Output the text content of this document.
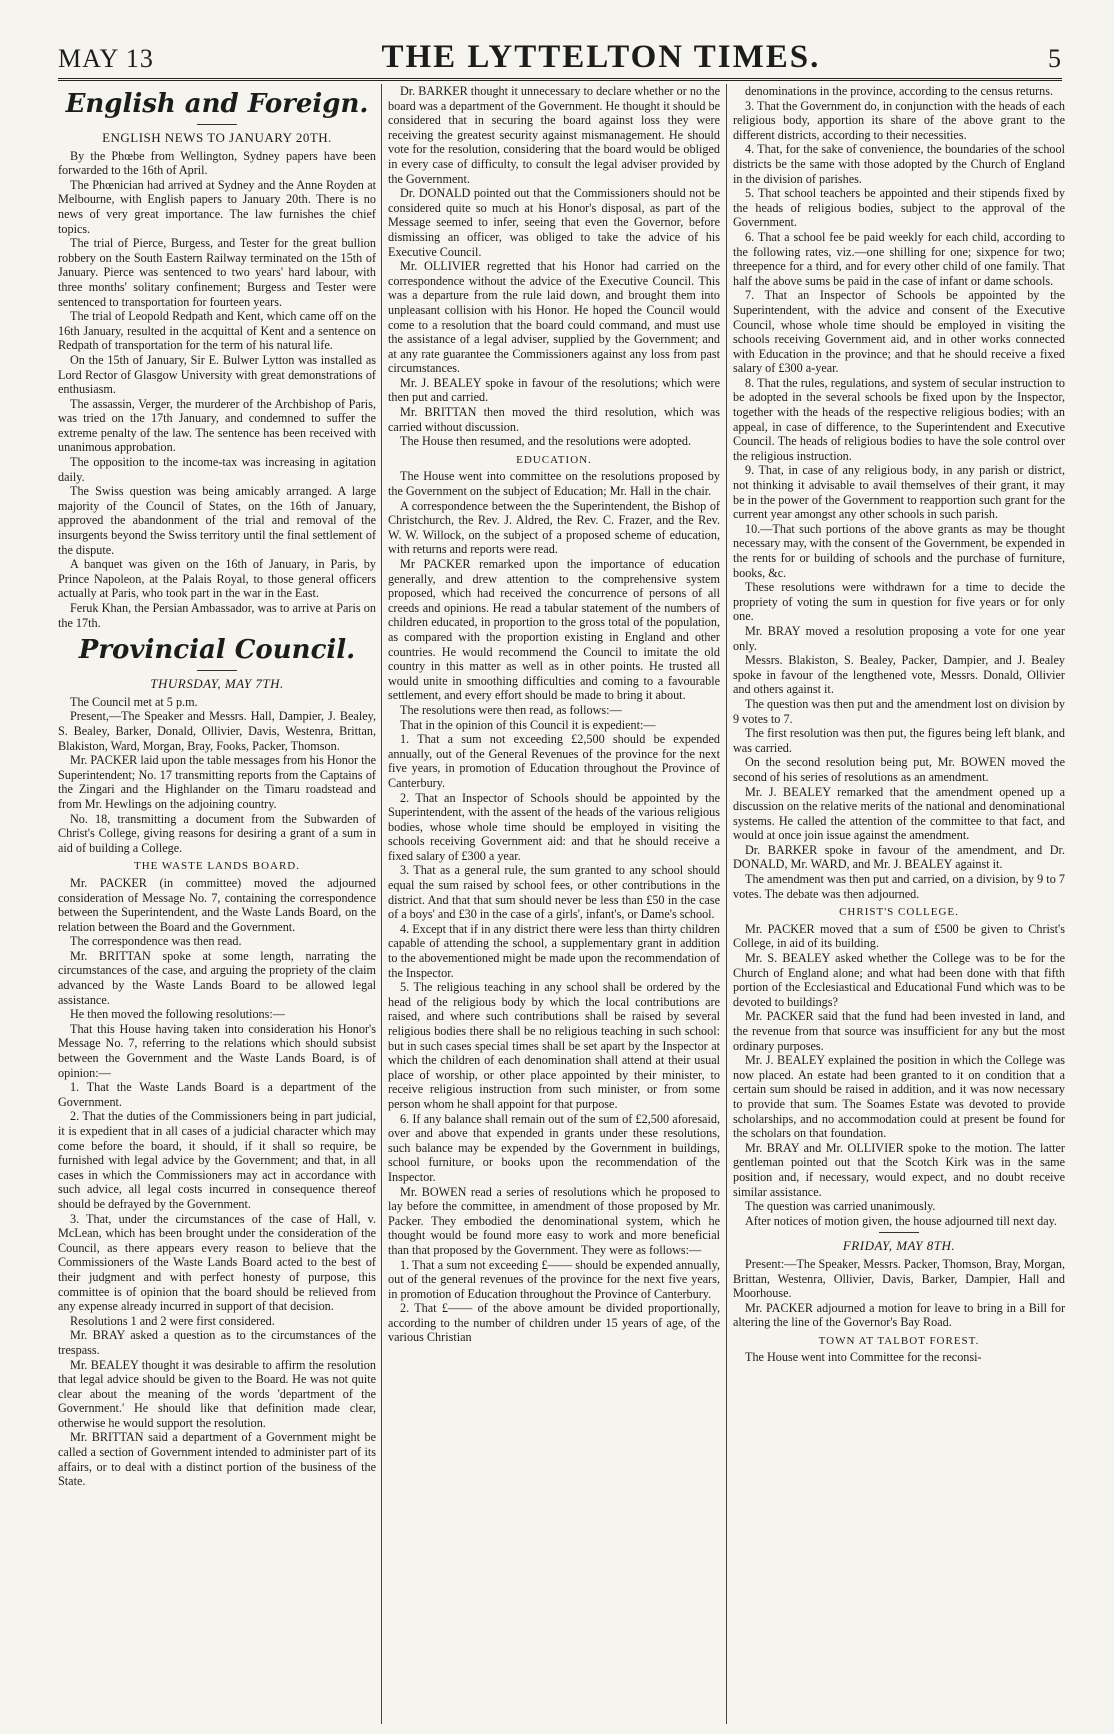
MAY 13	THE LYTTELTON TIMES.	5
English and Foreign.
ENGLISH NEWS TO JANUARY 20TH.

By the Phœbe from Wellington, Sydney papers have been forwarded to the 16th of April.

The Phœnician had arrived at Sydney and the Anne Royden at Melbourne, with English papers to January 20th. There is no news of very great importance. The law furnishes the chief topics.

The trial of Pierce, Burgess, and Tester for the great bullion robbery on the South Eastern Railway terminated on the 15th of January. Pierce was sentenced to two years' hard labour, with three months' solitary confinement; Burgess and Tester were sentenced to transportation for fourteen years.

The trial of Leopold Redpath and Kent, which came off on the 16th January, resulted in the acquittal of Kent and a sentence on Redpath of transportation for the term of his natural life.

On the 15th of January, Sir E. Bulwer Lytton was installed as Lord Rector of Glasgow University with great demonstrations of enthusiasm.

The assassin, Verger, the murderer of the Archbishop of Paris, was tried on the 17th January, and condemned to suffer the extreme penalty of the law. The sentence has been received with unanimous approbation.

The opposition to the income-tax was increasing in agitation daily.

The Swiss question was being amicably arranged. A large majority of the Council of States, on the 16th of January, approved the abandonment of the trial and removal of the insurgents beyond the Swiss territory until the final settlement of the dispute.

A banquet was given on the 16th of January, in Paris, by Prince Napoleon, at the Palais Royal, to those general officers actually at Paris, who took part in the war in the East.

Feruk Khan, the Persian Ambassador, was to arrive at Paris on the 17th.

Provincial Council.
THURSDAY, MAY 7TH.

The Council met at 5 p.m.

Present,—The Speaker and Messrs. Hall, Dampier, J. Bealey, S. Bealey, Barker, Donald, Ollivier, Davis, Westenra, Brittan, Blakiston, Ward, Morgan, Bray, Fooks, Packer, Thomson.

Mr. PACKER laid upon the table messages from his Honor the Superintendent; No. 17 transmitting reports from the Captains of the Zingari and the Highlander on the Timaru roadstead and from Mr. Hewlings on the adjoining country.

No. 18, transmitting a document from the Subwarden of Christ's College, giving reasons for desiring a grant of a sum in aid of building a College.

THE WASTE LANDS BOARD.

Mr. PACKER (in committee) moved the adjourned consideration of Message No. 7, containing the correspondence between the Superintendent, and the Waste Lands Board, on the relation between the Board and the Government.

The correspondence was then read.

Mr. BRITTAN spoke at some length, narrating the circumstances of the case, and arguing the propriety of the claim advanced by the Waste Lands Board to be allowed legal assistance.

He then moved the following resolutions:—

That this House having taken into consideration his Honor's Message No. 7, referring to the relations which should subsist between the Government and the Waste Lands Board, is of opinion:—

1. That the Waste Lands Board is a department of the Government.

2. That the duties of the Commissioners being in part judicial, it is expedient that in all cases of a judicial character which may come before the board, it should, if it shall so require, be furnished with legal advice by the Government; and that, in all cases in which the Commissioners may act in accordance with such advice, all legal costs incurred in consequence thereof should be defrayed by the Government.

3. That, under the circumstances of the case of Hall, v. McLean, which has been brought under the consideration of the Council, as there appears every reason to believe that the Commissioners of the Waste Lands Board acted to the best of their judgment and with perfect honesty of purpose, this committee is of opinion that the board should be relieved from any expense already incurred in support of that decision.

Resolutions 1 and 2 were first considered.

Mr. BRAY asked a question as to the circumstances of the trespass.

Mr. BEALEY thought it was desirable to affirm the resolution that legal advice should be given to the Board. He was not quite clear about the meaning of the words 'department of the Government.' He should like that definition made clear, otherwise he would support the resolution.

Mr. BRITTAN said a department of a Government might be called a section of Government intended to administer part of its affairs, or to deal with a distinct portion of the business of the State.

Dr. BARKER thought it unnecessary to declare whether or no the board was a department of the Government. He thought it should be considered that in securing the board against loss they were receiving the greatest security against mismanagement. He should vote for the resolution, considering that the board would be obliged in every case of difficulty, to consult the legal adviser provided by the Government.

Dr. DONALD pointed out that the Commissioners should not be considered quite so much at his Honor's disposal, as part of the Message seemed to infer, seeing that even the Governor, before dismissing an officer, was obliged to take the advice of his Executive Council.

Mr. OLLIVIER regretted that his Honor had carried on the correspondence without the advice of the Executive Council. This was a departure from the rule laid down, and brought them into unpleasant collision with his Honor. He hoped the Council would come to a resolution that the board could command, and must use the assistance of a legal adviser, supplied by the Government; and at any rate guarantee the Commissioners against any loss from past circumstances.

Mr. J. BEALEY spoke in favour of the resolutions; which were then put and carried.

Mr. BRITTAN then moved the third resolution, which was carried without discussion.

The House then resumed, and the resolutions were adopted.

EDUCATION.

The House went into committee on the resolutions proposed by the Government on the subject of Education; Mr. Hall in the chair.

A correspondence between the the Superintendent, the Bishop of Christchurch, the Rev. J. Aldred, the Rev. C. Frazer, and the Rev. W. W. Willock, on the subject of a proposed scheme of education, with returns and reports were read.

Mr PACKER remarked upon the importance of education generally, and drew attention to the comprehensive system proposed, which had received the concurrence of persons of all creeds and opinions. He read a tabular statement of the numbers of children educated, in proportion to the gross total of the population, as compared with the proportion existing in England and other countries. He would recommend the Council to imitate the old country in this matter as well as in other points. He trusted all would unite in smoothing difficulties and coming to a favourable settlement, and every effort should be made to bring it about.

The resolutions were then read, as follows:—

That in the opinion of this Council it is expedient:—

1. That a sum not exceeding £2,500 should be expended annually, out of the General Revenues of the province for the next five years, in promotion of Education throughout the Province of Canterbury.

2. That an Inspector of Schools should be appointed by the Superintendent, with the assent of the heads of the various religious bodies, whose whole time should be employed in visiting the schools receiving Government aid: and that he should receive a fixed salary of £300 a year.

3. That as a general rule, the sum granted to any school should equal the sum raised by school fees, or other contributions in the district. And that that sum should never be less than £50 in the case of a boys' and £30 in the case of a girls', infant's, or Dame's school.

4. Except that if in any district there were less than thirty children capable of attending the school, a supplementary grant in addition to the abovementioned might be made upon the recommendation of the Inspector.

5. The religious teaching in any school shall be ordered by the head of the religious body by which the local contributions are raised, and where such contributions shall be raised by several religious bodies there shall be no religious teaching in such school: but in such cases special times shall be set apart by the Inspector at which the children of each denomination shall attend at their usual place of worship, or other place appointed by their minister, to receive religious instruction from such minister, or from some person whom he shall appoint for that purpose.

6. If any balance shall remain out of the sum of £2,500 aforesaid, over and above that expended in grants under these resolutions, such balance may be expended by the Government in buildings, school furniture, or books upon the recommendation of the Inspector.

Mr. BOWEN read a series of resolutions which he proposed to lay before the committee, in amendment of those proposed by Mr. Packer. They embodied the denominational system, which he thought would be found more easy to work and more beneficial than that proposed by the Government. They were as follows:—

1. That a sum not exceeding £—— should be expended annually, out of the general revenues of the province for the next five years, in promotion of Education throughout the Province of Canterbury.

2. That £—— of the above amount be divided proportionally, according to the number of children under 15 years of age, of the various Christian

denominations in the province, according to the census returns.

3. That the Government do, in conjunction with the heads of each religious body, apportion its share of the above grant to the different districts, according to their necessities.

4. That, for the sake of convenience, the boundaries of the school districts be the same with those adopted by the Church of England in the division of parishes.

5. That school teachers be appointed and their stipends fixed by the heads of religious bodies, subject to the approval of the Government.

6. That a school fee be paid weekly for each child, according to the following rates, viz.—one shilling for one; sixpence for two; threepence for a third, and for every other child of one family. That half the above sums be paid in the case of infant or dame schools.

7. That an Inspector of Schools be appointed by the Superintendent, with the advice and consent of the Executive Council, whose whole time should be employed in visiting the schools receiving Government aid, and in other works connected with Education in the province; and that he should receive a fixed salary of £300 a-year.

8. That the rules, regulations, and system of secular instruction to be adopted in the several schools be fixed upon by the Inspector, together with the heads of the respective religious bodies; with an appeal, in case of difference, to the Superintendent and Executive Council. The heads of religious bodies to have the sole control over the religious instruction.

9. That, in case of any religious body, in any parish or district, not thinking it advisable to avail themselves of their grant, it may be in the power of the Government to reapportion such grant for the current year amongst any other schools in such parish.

10.—That such portions of the above grants as may be thought necessary may, with the consent of the Government, be expended in the rents for or building of schools and the purchase of furniture, books, &c.

These resolutions were withdrawn for a time to decide the propriety of voting the sum in question for five years or for only one.

Mr. BRAY moved a resolution proposing a vote for one year only.

Messrs. Blakiston, S. Bealey, Packer, Dampier, and J. Bealey spoke in favour of the lengthened vote, Messrs. Donald, Ollivier and others against it.

The question was then put and the amendment lost on division by 9 votes to 7.

The first resolution was then put, the figures being left blank, and was carried.

On the second resolution being put, Mr. BOWEN moved the second of his series of resolutions as an amendment.

Mr. J. BEALEY remarked that the amendment opened up a discussion on the relative merits of the national and denominational systems. He called the attention of the committee to that fact, and would at once join issue against the amendment.

Dr. BARKER spoke in favour of the amendment, and Dr. DONALD, Mr. WARD, and Mr. J. BEALEY against it.

The amendment was then put and carried, on a division, by 9 to 7 votes. The debate was then adjourned.

CHRIST'S COLLEGE.

Mr. PACKER moved that a sum of £500 be given to Christ's College, in aid of its building.

Mr. S. BEALEY asked whether the College was to be for the Church of England alone; and what had been done with that fifth portion of the Ecclesiastical and Educational Fund which was to be devoted to buildings?

Mr. PACKER said that the fund had been invested in land, and the revenue from that source was insufficient for any but the most ordinary purposes.

Mr. J. BEALEY explained the position in which the College was now placed. An estate had been granted to it on condition that a certain sum should be raised in addition, and it was now necessary to provide that sum. The Soames Estate was devoted to provide scholarships, and no accommodation could at present be found for the scholars on that foundation.

Mr. BRAY and Mr. OLLIVIER spoke to the motion. The latter gentleman pointed out that the Scotch Kirk was in the same position and, if necessary, would expect, and no doubt receive similar assistance.

The question was carried unanimously.

After notices of motion given, the house adjourned till next day.

FRIDAY, MAY 8TH.

Present:—The Speaker, Messrs. Packer, Thomson, Bray, Morgan, Brittan, Westenra, Ollivier, Davis, Barker, Dampier, Hall and Moorhouse.

Mr. PACKER adjourned a motion for leave to bring in a Bill for altering the line of the Governor's Bay Road.

TOWN AT TALBOT FOREST.

The House went into Committee for the reconsi-
